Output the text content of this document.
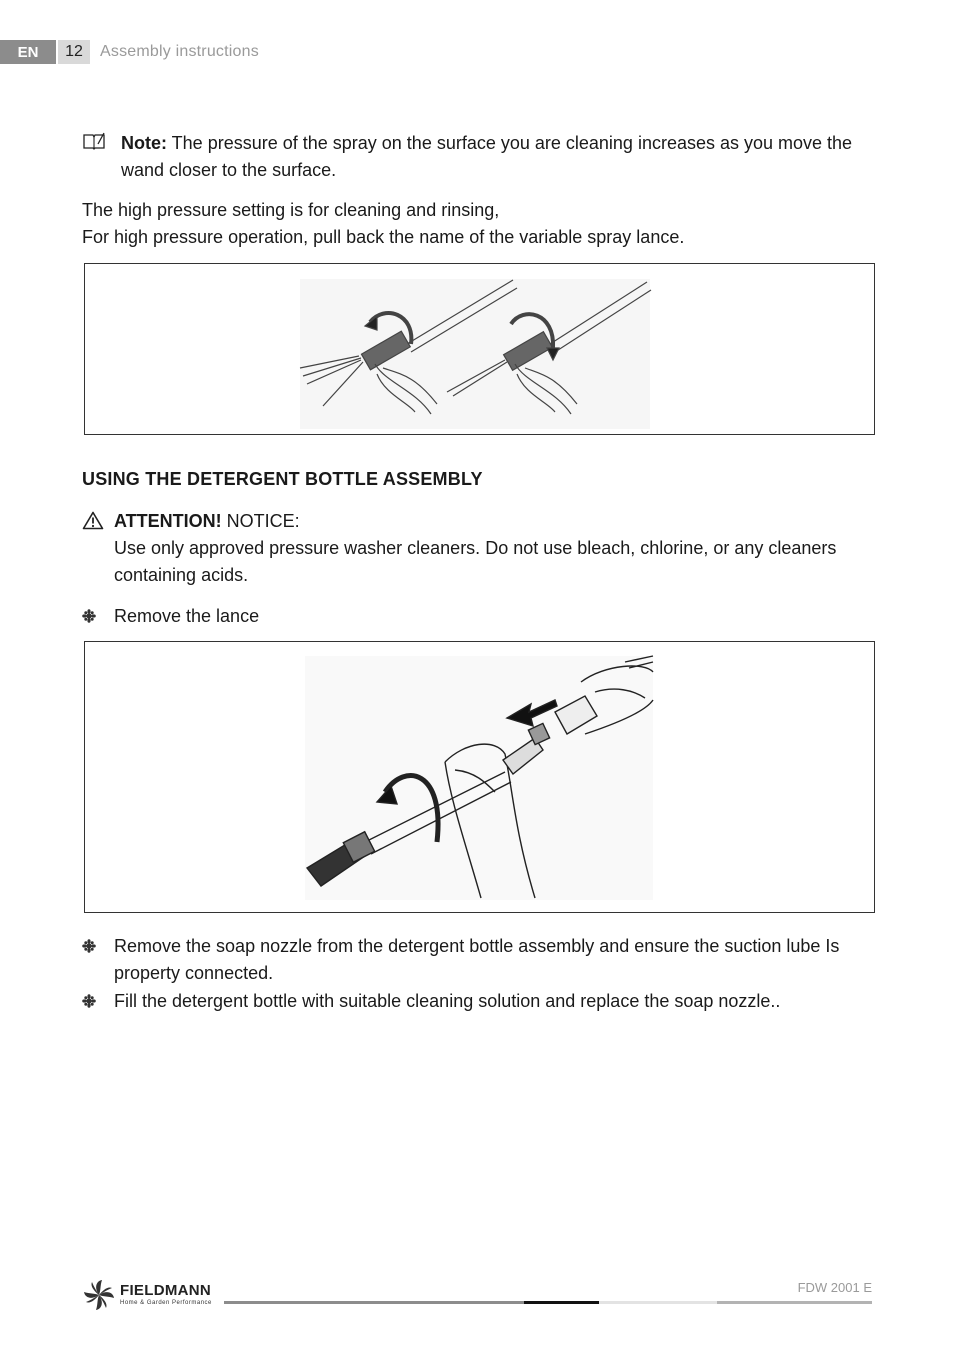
EN	12	Assembly instructions
Note: The pressure of the spray on the surface you are cleaning increases as you move the wand closer to the surface.
The high pressure setting is for cleaning and rinsing,
For high pressure operation, pull back the name of the variable spray lance.
USING THE DETERGENT BOTTLE ASSEMBLY
ATTENTION! NOTICE:
Use only approved pressure washer cleaners. Do not use bleach, chlorine, or any cleaners containing acids.
Remove the lance
Remove the soap nozzle from the detergent bottle assembly and ensure the suction lube Is property connected.
Fill the detergent bottle with suitable cleaning solution and replace the soap nozzle..
FIELDMANN
Home & Garden Performance
FDW 2001 E
